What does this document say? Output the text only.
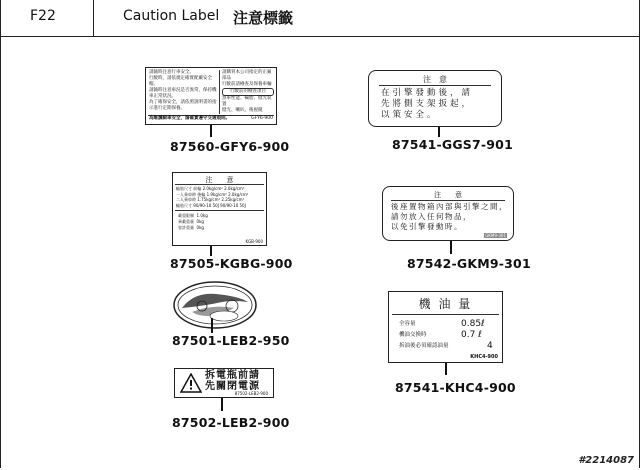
F22	Caution Label 注意標籤
請隨時注意行車安全。
行駛時，請依規定確實配戴安全帽。
請隨時注意車況是否異常，保持機車正常狀況。
為了確保安全，請依照說明書的指示進行定期保養。
請購買本公司指定的正廠部品
行駛前請檢查及保養車輛
行駛前的檢查項目
煞車性能、輪胎、燈光裝置
燈光、喇叭、後視鏡
為維護騎車安全，請確實遵守交通規則。	GFY6-900
87560-GFY6-900
注　意
在引擎發動後，請
先將側支架扳起，
以策安全。
87541-GGS7-901
注　　意
輪胎尺寸 前輪 2.0kg/cm² 2.0kg/cm²
一人乘車時 後輪 1.9kg/cm² 2.0kg/cm²
二人乘車時 1.75kg/cm² 2.25kg/cm²
輪胎尺寸 90/90-10 50J 90/90-10 50J
載重限制 1.0kg
乘載重量 0kg
容許重量 0kg
KGB-900
87505-KGBG-900
注　　意
後座置物箱內部與引擎之間，
請勿放入任何物品，
以免引擎發動時。
GKM9-301
87542-GKM9-301
87501-LEB2-950
機 油 量
全容量	0.85ℓ
機油交換時	0.7 ℓ
拆油後必須確認油量	4
KHC4-900
87541-KHC4-900
拆電瓶前請
先關閉電源
87502-LEB2-900
87502-LEB2-900
#2214087
